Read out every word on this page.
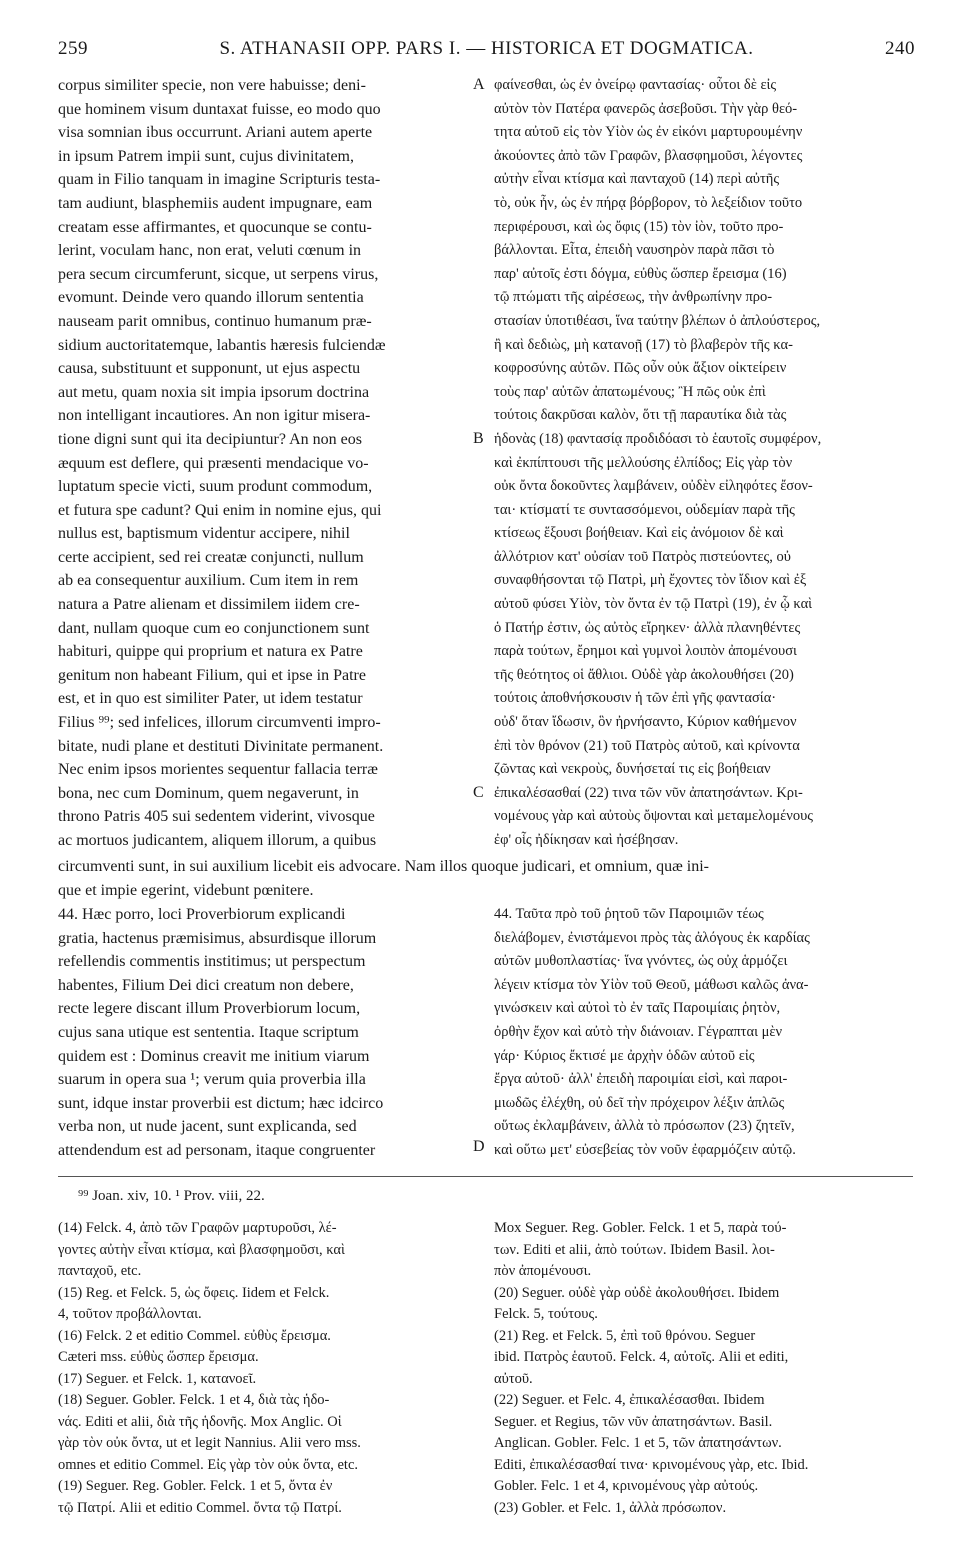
259	S. ATHANASII OPP. PARS I. — HISTORICA ET DOGMATICA.	240
corpus similiter specie, non vere habuisse; deni-
que hominem visum duntaxat fuisse, eo modo quo
visa somnian ibus occurrunt. Ariani autem aperte
in ipsum Patrem impii sunt, cujus divinitatem,
quam in Filio tanquam in imagine Scripturis testa-
tam audiunt, blasphemiis audent impugnare, eam
creatam esse affirmantes, et quocunque se contu-
lerint, voculam hanc, non erat, veluti cœnum in
pera secum circumferunt, sicque, ut serpens virus,
evomunt. Deinde vero quando illorum sententia
nauseam parit omnibus, continuo humanum præ-
sidium auctoritatemque, labantis hæresis fulciendæ
causa, substituunt et supponunt, ut ejus aspectu
aut metu, quam noxia sit impia ipsorum doctrina
non intelligant incautiores. An non igitur misera-
tione digni sunt qui ita decipiuntur? An non eos
æquum est deflere, qui præsenti mendacique vo-
luptatum specie victi, suum produnt commodum,
et futura spe cadunt? Qui enim in nomine ejus, qui
nullus est, baptismum videntur accipere, nihil
certe accipient, sed rei creatæ conjuncti, nullum
ab ea consequentur auxilium. Cum item in rem
natura a Patre alienam et dissimilem iidem cre-
dant, nullam quoque cum eo conjunctionem sunt
habituri, quippe qui proprium et natura ex Patre
genitum non habeant Filium, qui et ipse in Patre
est, et in quo est similiter Pater, ut idem testatur
Filius ⁹⁹; sed infelices, illorum circumventi impro-
bitate, nudi plane et destituti Divinitate permanent.
Nec enim ipsos morientes sequentur fallacia terræ
bona, nec cum Dominum, quem negaverunt, in
throno Patris 405 sui sedentem viderint, vivosque
ac mortuos judicantem, aliquem illorum, a quibus
φαίνεσθαι, ὡς ἐν ὀνείρῳ φαντασίας· οὗτοι δὲ εἰς
αὐτὸν τὸν Πατέρα φανερῶς ἀσεβοῦσι. Τὴν γὰρ θεό-
τητα αὐτοῦ εἰς τὸν Υἱὸν ὡς ἐν εἰκόνι μαρτυρουμένην
ἀκούοντες ἀπὸ τῶν Γραφῶν, βλασφημοῦσι, λέγοντες
αὐτὴν εἶναι κτίσμα καὶ πανταχοῦ (14) περὶ αὐτῆς
τὸ, οὐκ ἦν, ὡς ἐν πήρᾳ βόρβορον, τὸ λεξείδιον τοῦτο
περιφέρουσι, καὶ ὡς ὄφις (15) τὸν ἰὸν, τοῦτο προ-
βάλλονται. Εἶτα, ἐπειδὴ ναυσηρὸν παρὰ πᾶσι τὸ
παρ' αὐτοῖς ἐστι δόγμα, εὐθὺς ὥσπερ ἔρεισμα (16)
τῷ πτώματι τῆς αἱρέσεως, τὴν ἀνθρωπίνην προ-
στασίαν ὑποτιθέασι, ἵνα ταύτην βλέπων ὁ ἀπλούστερος,
ἢ καὶ δεδιὼς, μὴ κατανοῇ (17) τὸ βλαβερὸν τῆς κα-
κοφροσύνης αὐτῶν. Πῶς οὖν οὐκ ἄξιον οἰκτείρειν
τοὺς παρ' αὐτῶν ἀπατωμένους; Ἢ πῶς οὐκ ἐπὶ
τούτοις δακρῦσαι καλὸν, ὅτι τῇ παραυτίκα διὰ τὰς
ἡδονὰς (18) φαντασίᾳ προδιδόασι τὸ ἑαυτοῖς συμφέρον,
καὶ ἐκπίπτουσι τῆς μελλούσης ἐλπίδος; Εἰς γὰρ τὸν
οὐκ ὄντα δοκοῦντες λαμβάνειν, οὐδὲν εἰληφότες ἔσον-
ται· κτίσματί τε συντασσόμενοι, οὐδεμίαν παρὰ τῆς
κτίσεως ἕξουσι βοήθειαν. Καὶ εἰς ἀνόμοιον δὲ καὶ
ἀλλότριον κατ' οὐσίαν τοῦ Πατρὸς πιστεύοντες, οὐ
συναφθήσονται τῷ Πατρὶ, μὴ ἔχοντες τὸν ἴδιον καὶ ἐξ
αὐτοῦ φύσει Υἱὸν, τὸν ὄντα ἐν τῷ Πατρὶ (19), ἐν ᾧ καὶ
ὁ Πατήρ ἐστιν, ὡς αὐτὸς εἴρηκεν· ἀλλὰ πλανηθέντες
παρὰ τούτων, ἔρημοι καὶ γυμνοὶ λοιπὸν ἀπομένουσι
τῆς θεότητος οἱ ἄθλιοι. Οὐδὲ γὰρ ἀκολουθήσει (20)
τούτοις ἀποθνήσκουσιν ἡ τῶν ἐπὶ γῆς φαντασία·
οὐδ' ὅταν ἴδωσιν, ὃν ἠρνήσαντο, Κύριον καθήμενον
ἐπὶ τὸν θρόνον (21) τοῦ Πατρὸς αὐτοῦ, καὶ κρίνοντα
ζῶντας καὶ νεκροὺς, δυνήσεταί τις εἰς βοήθειαν
ἐπικαλέσασθαί (22) τινα τῶν νῦν ἀπατησάντων. Κρι-
νομένους γὰρ καὶ αὐτοὺς ὄψονται καὶ μεταμελομένους
ἐφ' οἷς ἠδίκησαν καὶ ἠσέβησαν.
A
B
C
D
circumventi sunt, in sui auxilium licebit eis advocare. Nam illos quoque judicari, et omnium, quæ ini-
que et impie egerint, videbunt pœnitere.
44. Hæc porro, loci Proverbiorum explicandi
gratia, hactenus præmisimus, absurdisque illorum
refellendis commentis institimus; ut perspectum
habentes, Filium Dei dici creatum non debere,
recte legere discant illum Proverbiorum locum,
cujus sana utique est sententia. Itaque scriptum
quidem est : Dominus creavit me initium viarum
suarum in opera sua ¹; verum quia proverbia illa
sunt, idque instar proverbii est dictum; hæc idcirco
verba non, ut nude jacent, sunt explicanda, sed
attendendum est ad personam, itaque congruenter
44. Ταῦτα πρὸ τοῦ ῥητοῦ τῶν Παροιμιῶν τέως
διελάβομεν, ἐνιστάμενοι πρὸς τὰς ἀλόγους ἐκ καρδίας
αὐτῶν μυθοπλαστίας· ἵνα γνόντες, ὡς οὐχ ἁρμόζει
λέγειν κτίσμα τὸν Υἱὸν τοῦ Θεοῦ, μάθωσι καλῶς ἀνα-
γινώσκειν καὶ αὐτοὶ τὸ ἐν ταῖς Παροιμίαις ῥητὸν,
ὀρθὴν ἔχον καὶ αὐτὸ τὴν διάνοιαν. Γέγραπται μὲν
γάρ· Κύριος ἔκτισέ με ἀρχὴν ὁδῶν αὐτοῦ εἰς
ἔργα αὐτοῦ· ἀλλ' ἐπειδὴ παροιμίαι εἰσὶ, καὶ παροι-
μιωδῶς ἐλέχθη, οὐ δεῖ τὴν πρόχειρον λέξιν ἁπλῶς
οὕτως ἐκλαμβάνειν, ἀλλὰ τὸ πρόσωπον (23) ζητεῖν,
καὶ οὕτω μετ' εὐσεβείας τὸν νοῦν ἐφαρμόζειν αὐτῷ.
⁹⁹ Joan. xiv, 10. ¹ Prov. viii, 22.
(14) Felck. 4, ἀπὸ τῶν Γραφῶν μαρτυροῦσι, λέ-
γοντες αὐτὴν εἶναι κτίσμα, καὶ βλασφημοῦσι, καὶ
πανταχοῦ, etc.
(15) Reg. et Felck. 5, ὡς ὄφεις. Iidem et Felck.
4, τοῦτον προβάλλονται.
(16) Felck. 2 et editio Commel. εὐθὺς ἔρεισμα.
Cæteri mss. εὐθὺς ὥσπερ ἔρεισμα.
(17) Seguer. et Felck. 1, κατανοεῖ.
(18) Seguer. Gobler. Felck. 1 et 4, διὰ τὰς ἡδο-
νάς. Editi et alii, διὰ τῆς ἡδονῆς. Mox Anglic. Οἱ
γὰρ τὸν οὐκ ὄντα, ut et legit Nannius. Alii vero mss.
omnes et editio Commel. Εἰς γὰρ τὸν οὐκ ὄντα, etc.
(19) Seguer. Reg. Gobler. Felck. 1 et 5, ὄντα ἐν
τῷ Πατρί. Alii et editio Commel. ὄντα τῷ Πατρί.
Mox Seguer. Reg. Gobler. Felck. 1 et 5, παρὰ τού-
των. Editi et alii, ἀπὸ τούτων. Ibidem Basil. λοι-
πὸν ἀπομένουσι.
(20) Seguer. οὐδὲ γὰρ οὐδὲ ἀκολουθήσει. Ibidem
Felck. 5, τούτους.
(21) Reg. et Felck. 5, ἐπὶ τοῦ θρόνου. Seguer
ibid. Πατρὸς ἑαυτοῦ. Felck. 4, αὐτοῖς. Alii et editi,
αὐτοῦ.
(22) Seguer. et Felc. 4, ἐπικαλέσασθαι. Ibidem
Seguer. et Regius, τῶν νῦν ἀπατησάντων. Basil.
Anglican. Gobler. Felc. 1 et 5, τῶν ἀπατησάντων.
Editi, ἐπικαλέσασθαί τινα· κρινομένους γὰρ, etc. Ibid.
Gobler. Felc. 1 et 4, κρινομένους γὰρ αὐτούς.
(23) Gobler. et Felc. 1, ἀλλὰ πρόσωπον.
